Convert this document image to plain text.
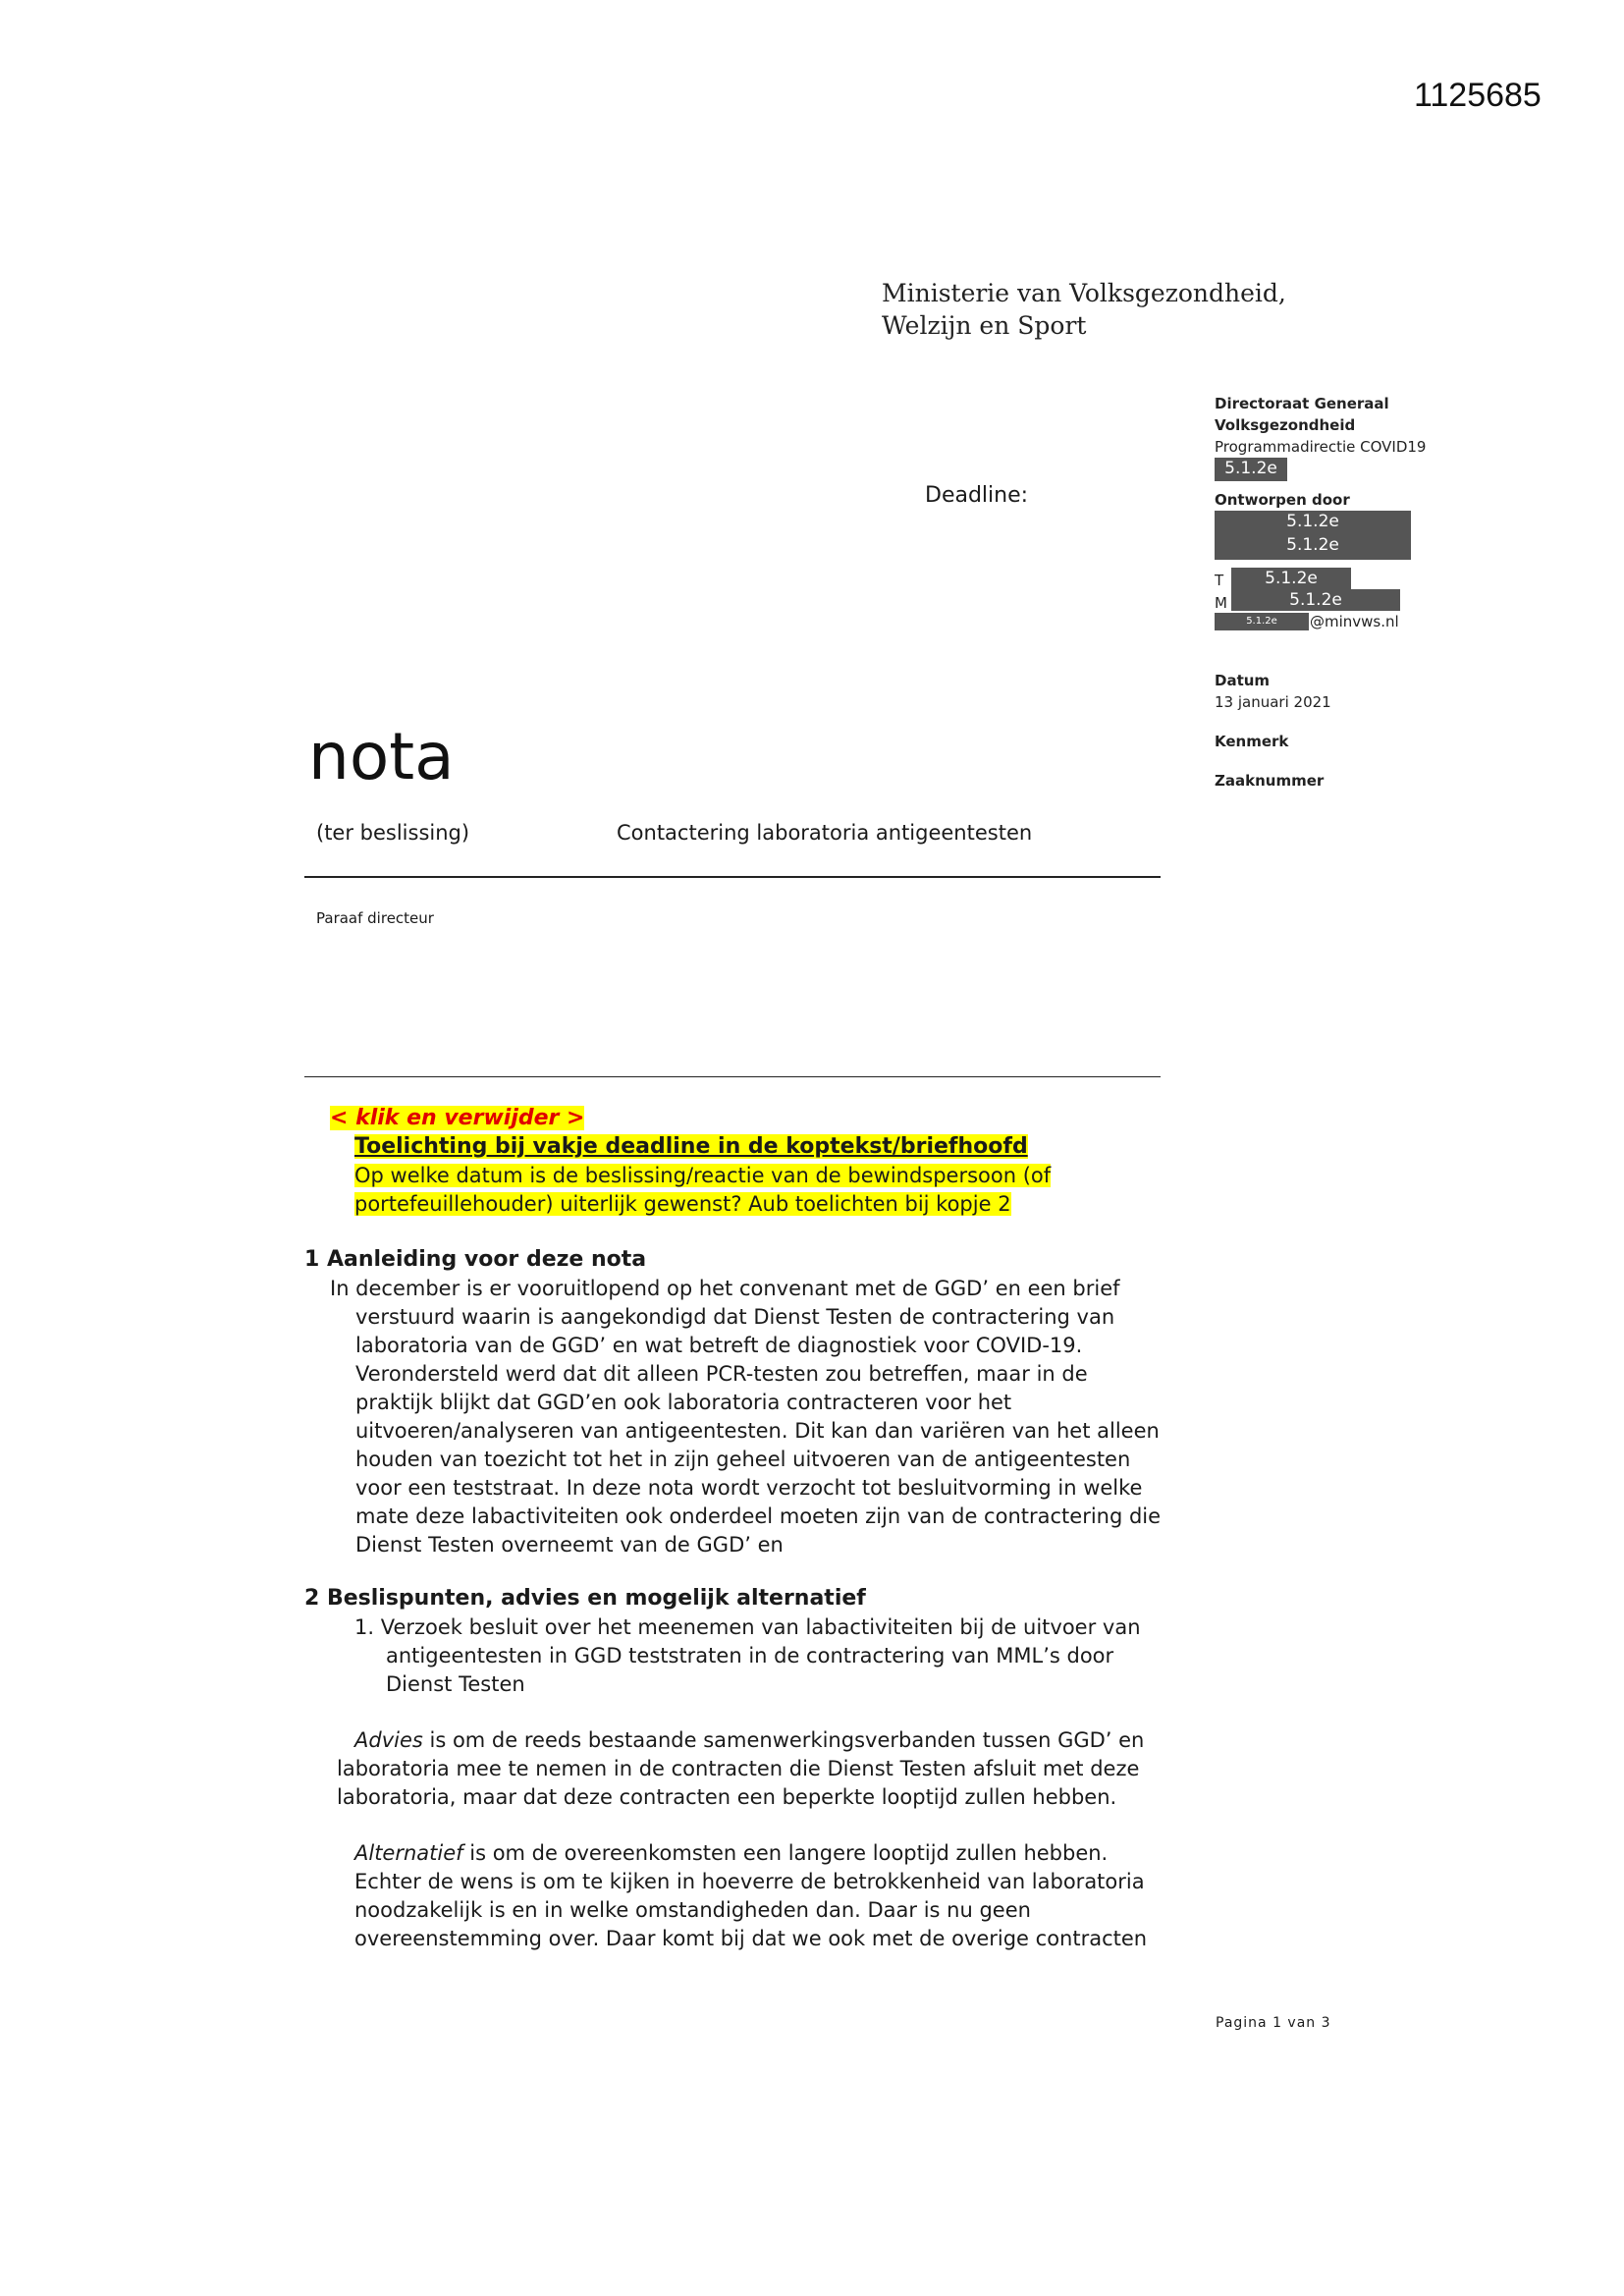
1125685
Ministerie van Volksgezondheid,
Welzijn en Sport
Deadline:
Directoraat Generaal
Volksgezondheid
Programmadirectie COVID19
5.1.2e
Ontworpen door
5.1.2e
5.1.2e
T	5.1.2e
M	5.1.2e
5.1.2e	@minvws.nl
Datum
13 januari 2021
Kenmerk
Zaaknummer
nota
(ter beslissing)	Contactering laboratoria antigeentesten
Paraaf directeur
< klik en verwijder >
Toelichting bij vakje deadline in de koptekst/briefhoofd
Op welke datum is de beslissing/reactie van de bewindspersoon (of
portefeuillehouder) uiterlijk gewenst? Aub toelichten bij kopje 2
1 Aanleiding voor deze nota
In december is er vooruitlopend op het convenant met de GGD’ en een brief
verstuurd waarin is aangekondigd dat Dienst Testen de contractering van
laboratoria van de GGD’ en wat betreft de diagnostiek voor COVID-19.
Verondersteld werd dat dit alleen PCR-testen zou betreffen, maar in de
praktijk blijkt dat GGD’en ook laboratoria contracteren voor het
uitvoeren/analyseren van antigeentesten. Dit kan dan variëren van het alleen
houden van toezicht tot het in zijn geheel uitvoeren van de antigeentesten
voor een teststraat. In deze nota wordt verzocht tot besluitvorming in welke
mate deze labactiviteiten ook onderdeel moeten zijn van de contractering die
Dienst Testen overneemt van de GGD’ en
2 Beslispunten, advies en mogelijk alternatief
1. Verzoek besluit over het meenemen van labactiviteiten bij de uitvoer van
antigeentesten in GGD teststraten in de contractering van MML’s door
Dienst Testen
Advies is om de reeds bestaande samenwerkingsverbanden tussen GGD’ en
laboratoria mee te nemen in de contracten die Dienst Testen afsluit met deze
laboratoria, maar dat deze contracten een beperkte looptijd zullen hebben.
Alternatief is om de overeenkomsten een langere looptijd zullen hebben.
Echter de wens is om te kijken in hoeverre de betrokkenheid van laboratoria
noodzakelijk is en in welke omstandigheden dan. Daar is nu geen
overeenstemming over. Daar komt bij dat we ook met de overige contracten
Pagina 1 van 3
